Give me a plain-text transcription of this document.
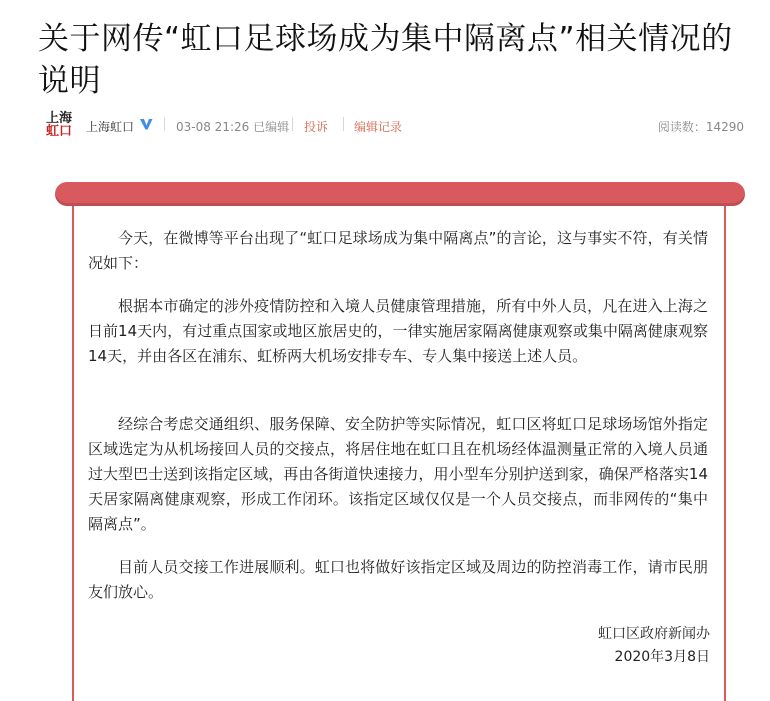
关于网传“虹口足球场成为集中隔离点”相关情况的说明
上海
虹口	上海虹口	03-08 21:26 已编辑 投诉 编辑记录	阅读数：14290

今天，在微博等平台出现了“虹口足球场成为集中隔离点”的言论，这与事实不符，有关情况如下：

根据本市确定的涉外疫情防控和入境人员健康管理措施，所有中外人员，凡在进入上海之日前14天内，有过重点国家或地区旅居史的，一律实施居家隔离健康观察或集中隔离健康观察 14天，并由各区在浦东、虹桥两大机场安排专车、专人集中接送上述人员。

经综合考虑交通组织、服务保障、安全防护等实际情况，虹口区将虹口足球场场馆外指定区域选定为从机场接回人员的交接点，将居住地在虹口且在机场经体温测量正常的入境人员通过大型巴士送到该指定区域，再由各街道快速接力，用小型车分别护送到家，确保严格落实14天居家隔离健康观察，形成工作闭环。该指定区域仅仅是一个人员交接点，而非网传的“集中隔离点”。

目前人员交接工作进展顺利。虹口也将做好该指定区域及周边的防控消毒工作，请市民朋友们放心。

虹口区政府新闻办
2020年3月8日
